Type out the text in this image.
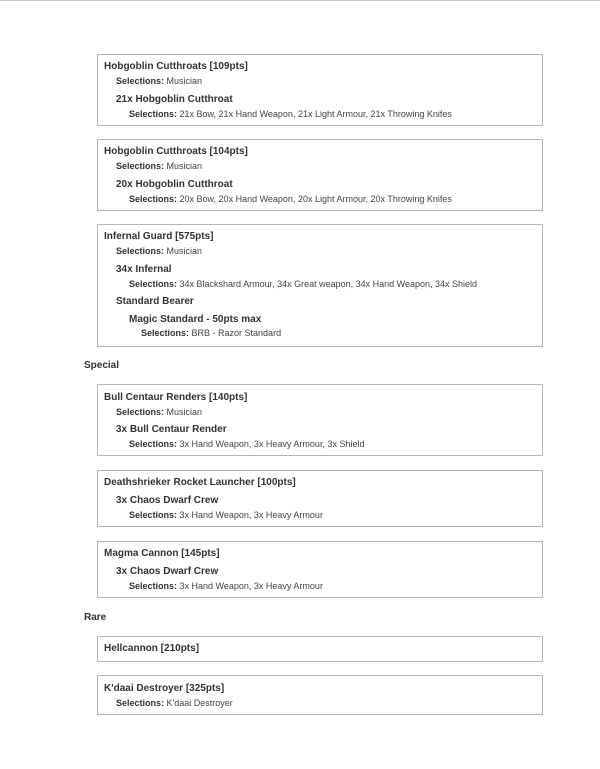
Hobgoblin Cutthroats [109pts]
Selections: Musician
21x Hobgoblin Cutthroat
Selections: 21x Bow, 21x Hand Weapon, 21x Light Armour, 21x Throwing Knifes
Hobgoblin Cutthroats [104pts]
Selections: Musician
20x Hobgoblin Cutthroat
Selections: 20x Bow, 20x Hand Weapon, 20x Light Armour, 20x Throwing Knifes
Infernal Guard [575pts]
Selections: Musician
34x Infernal
Selections: 34x Blackshard Armour, 34x Great weapon, 34x Hand Weapon, 34x Shield
Standard Bearer
Magic Standard - 50pts max
Selections: BRB - Razor Standard
Special
Bull Centaur Renders [140pts]
Selections: Musician
3x Bull Centaur Render
Selections: 3x Hand Weapon, 3x Heavy Armour, 3x Shield
Deathshrieker Rocket Launcher [100pts]
3x Chaos Dwarf Crew
Selections: 3x Hand Weapon, 3x Heavy Armour
Magma Cannon [145pts]
3x Chaos Dwarf Crew
Selections: 3x Hand Weapon, 3x Heavy Armour
Rare
Hellcannon [210pts]
K'daai Destroyer [325pts]
Selections: K'daai Destroyer
